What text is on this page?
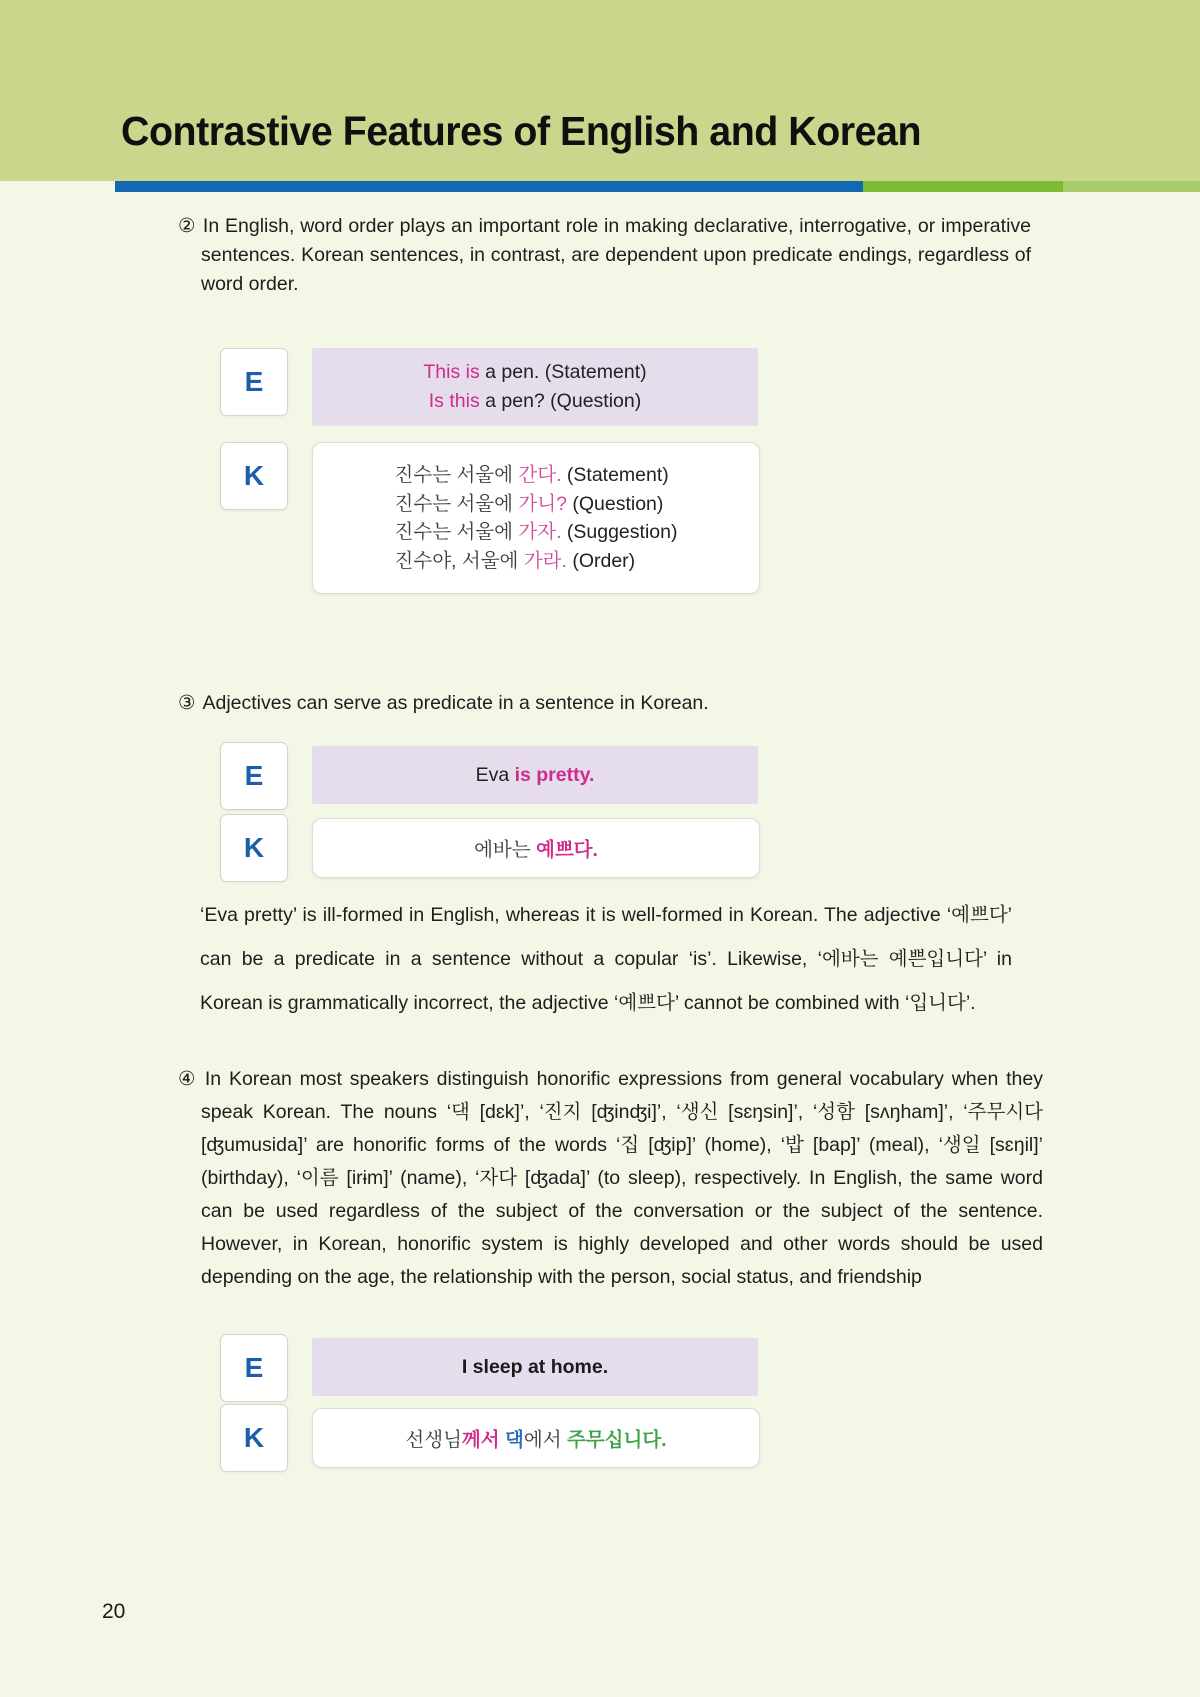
Contrastive Features of English and Korean

② In English, word order plays an important role in making declarative, interrogative, or imperative sentences. Korean sentences, in contrast, are dependent upon predicate endings, regardless of word order.

E	This is a pen. (Statement)
Is this a pen? (Question)
K	진수는 서울에 간다. (Statement)
진수는 서울에 가니? (Question)
진수는 서울에 가자. (Suggestion)
진수야, 서울에 가라. (Order)

③ Adjectives can serve as predicate in a sentence in Korean.

E	Eva is pretty.
K	에바는 예쁘다.

‘Eva pretty’ is ill-formed in English, whereas it is well-formed in Korean. The adjective ‘예쁘다’ can be a predicate in a sentence without a copular ‘is’. Likewise, ‘에바는 예쁜입니다’ in Korean is grammatically incorrect, the adjective ‘예쁘다’ cannot be combined with ‘입니다’.

④ In Korean most speakers distinguish honorific expressions from general vocabulary when they speak Korean. The nouns ‘댁 [dɛk]’, ‘진지 [ʤinʤi]’, ‘생신 [sɛŋsin]’, ‘성함 [sʌŋham]’, ‘주무시다[ʤumusida]’ are honorific forms of the words ‘집 [ʤip]’ (home), ‘밥 [bap]’ (meal), ‘생일 [sɛŋil]’ (birthday), ‘이름 [irɨm]’ (name), ‘자다 [ʤada]’ (to sleep), respectively. In English, the same word can be used regardless of the subject of the conversation or the subject of the sentence. However, in Korean, honorific system is highly developed and other words should be used depending on the age, the relationship with the person, social status, and friendship

E	I sleep at home.
K	선생님께서 댁에서 주무십니다.
20
